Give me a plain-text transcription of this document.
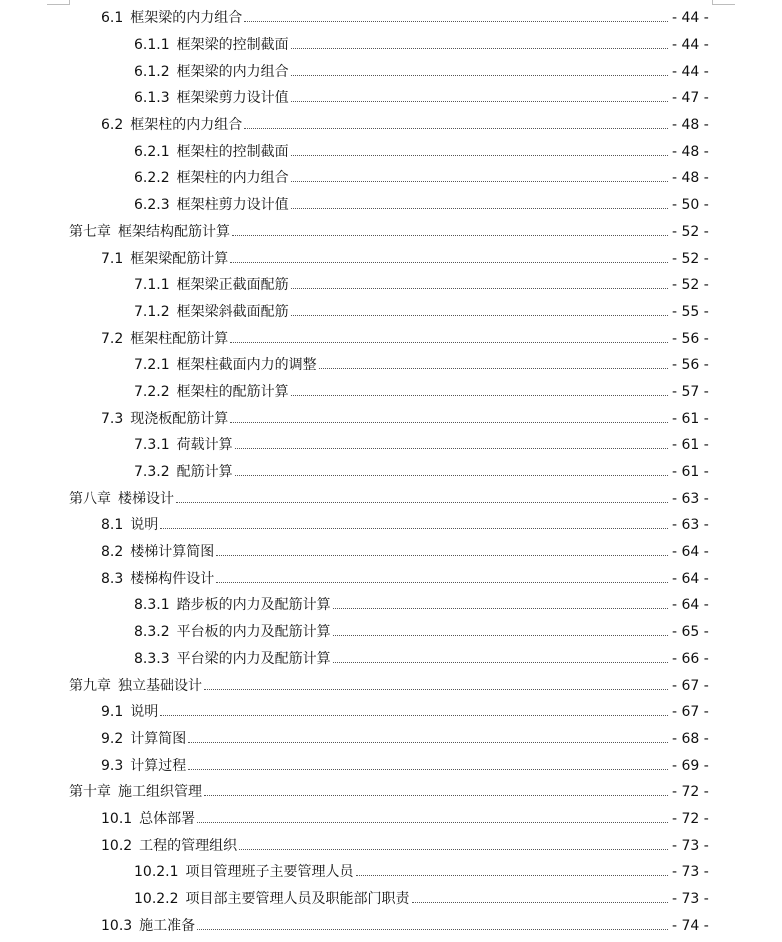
6.1 框架梁的内力组合	- 44 -
6.1.1 框架梁的控制截面	- 44 -
6.1.2 框架梁的内力组合	- 44 -
6.1.3 框架梁剪力设计值	- 47 -
6.2 框架柱的内力组合	- 48 -
6.2.1 框架柱的控制截面	- 48 -
6.2.2 框架柱的内力组合	- 48 -
6.2.3 框架柱剪力设计值	- 50 -
第七章 框架结构配筋计算	- 52 -
7.1 框架梁配筋计算	- 52 -
7.1.1 框架梁正截面配筋	- 52 -
7.1.2 框架梁斜截面配筋	- 55 -
7.2 框架柱配筋计算	- 56 -
7.2.1 框架柱截面内力的调整	- 56 -
7.2.2 框架柱的配筋计算	- 57 -
7.3 现浇板配筋计算	- 61 -
7.3.1 荷载计算	- 61 -
7.3.2 配筋计算	- 61 -
第八章 楼梯设计	- 63 -
8.1 说明	- 63 -
8.2 楼梯计算简图	- 64 -
8.3 楼梯构件设计	- 64 -
8.3.1 踏步板的内力及配筋计算	- 64 -
8.3.2 平台板的内力及配筋计算	- 65 -
8.3.3 平台梁的内力及配筋计算	- 66 -
第九章 独立基础设计	- 67 -
9.1 说明	- 67 -
9.2 计算简图	- 68 -
9.3 计算过程	- 69 -
第十章 施工组织管理	- 72 -
10.1 总体部署	- 72 -
10.2 工程的管理组织	- 73 -
10.2.1 项目管理班子主要管理人员	- 73 -
10.2.2 项目部主要管理人员及职能部门职责	- 73 -
10.3 施工准备	- 74 -
